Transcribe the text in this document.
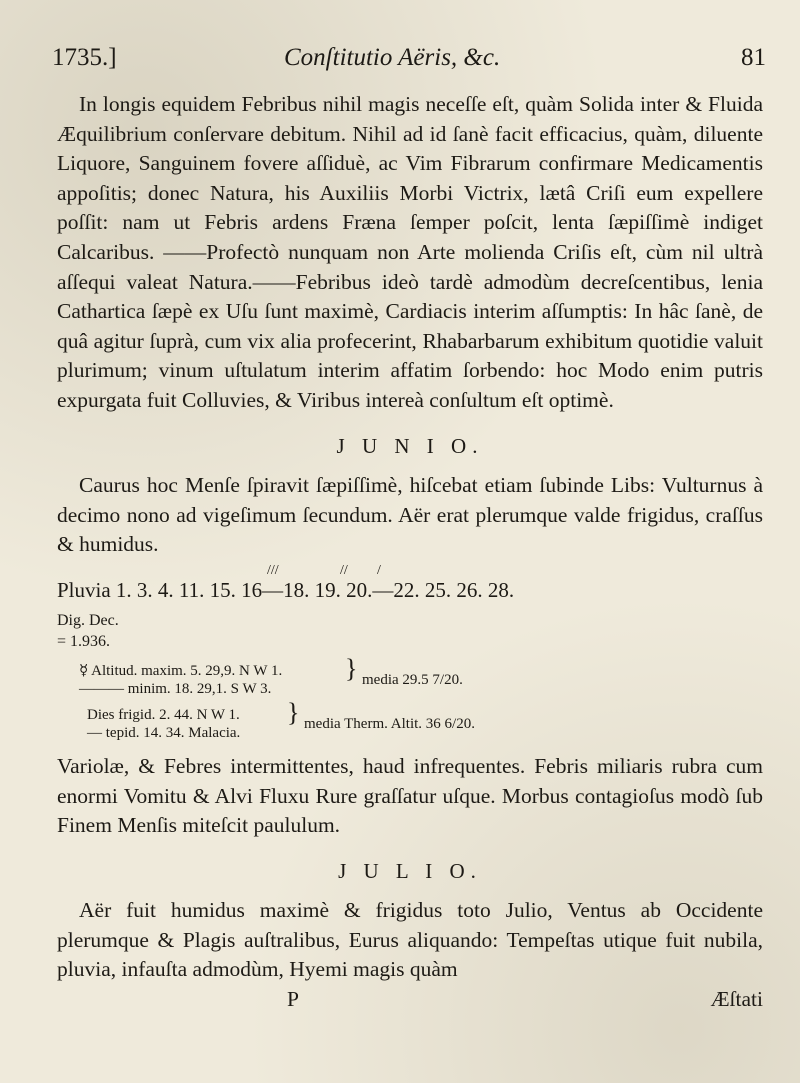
1735.]	Conſtitutio Aëris, &c.	81

In longis equidem Febribus nihil magis neceſſe eſt, quàm Solida inter & Fluida Æquilibrium conſervare debitum. Nihil ad id ſanè facit efficacius, quàm, diluente Liquore, Sanguinem fovere aſſiduè, ac Vim Fibrarum confirmare Medicamentis appoſitis; donec Natura, his Auxiliis Morbi Victrix, lætâ Criſi eum expellere poſſit: nam ut Febris ardens Fræna ſemper poſcit, lenta ſæpiſſimè indiget Calcaribus. ——Profectò nunquam non Arte molienda Criſis eſt, cùm nil ultrà aſſequi valeat Natura.——Febribus ideò tardè admodùm decreſcentibus, lenia Cathartica ſæpè ex Uſu ſunt maximè, Cardiacis interim aſſumptis: In hâc ſanè, de quâ agitur ſuprà, cum vix alia profecerint, Rhabarbarum exhibitum quotidie valuit plurimum; vinum uſtulatum interim affatim ſorbendo: hoc Modo enim putris expurgata fuit Colluvies, & Viribus intereà conſultum eſt optimè.

J U N I O.

Caurus hoc Menſe ſpiravit ſæpiſſimè, hiſcebat etiam ſubinde Libs: Vulturnus à decimo nono ad vigeſimum ſecundum. Aër erat plerumque valde frigidus, craſſus & humidus.

///	// /
Pluvia 1. 3. 4. 11. 15. 16—18. 19. 20.—22. 25. 26. 28.
Dig. Dec.
= 1.936.
☿ Altitud. maxim. 5. 29,9. N W 1.
——— minim. 18. 29,1. S W 3.
} media 29.5 7/20.
Dies frigid. 2. 44. N W 1.
— tepid. 14. 34. Malacia.
} media Therm. Altit. 36 6/20.

Variolæ, & Febres intermittentes, haud infrequentes. Febris miliaris rubra cum enormi Vomitu & Alvi Fluxu Rure graſſatur uſque. Morbus contagioſus modò ſub Finem Menſis miteſcit paululum.

J U L I O.

Aër fuit humidus maximè & frigidus toto Julio, Ventus ab Occidente plerumque & Plagis auſtralibus, Eurus aliquando: Tempeſtas utique fuit nubila, pluvia, infauſta admodùm, Hyemi magis quàm

P	Æſtati
